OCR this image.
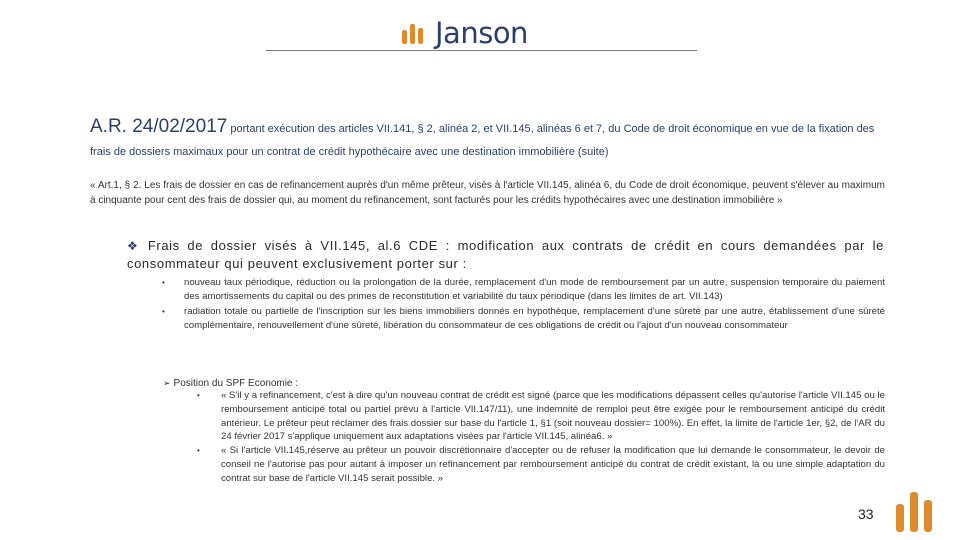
Janson
A.R. 24/02/2017 portant exécution des articles VII.141, § 2, alinéa 2, et VII.145, alinéas 6 et 7, du Code de droit économique en vue de la fixation des frais de dossiers maximaux pour un contrat de crédit hypothécaire avec une destination immobilière (suite)
« Art.1, § 2. Les frais de dossier en cas de refinancement auprès d'un même prêteur, visés à l'article VII.145, alinéa 6, du Code de droit économique, peuvent s'élever au maximum à cinquante pour cent des frais de dossier qui, au moment du refinancement, sont facturés pour les crédits hypothécaires avec une destination immobilière »
❖ Frais de dossier visés à VII.145, al.6 CDE : modification aux contrats de crédit en cours demandées par le consommateur qui peuvent exclusivement porter sur :
•	nouveau taux périodique, réduction ou la prolongation de la durée, remplacement d'un mode de remboursement par un autre, suspension temporaire du paiement des amortissements du capital ou des primes de reconstitution et variabilité du taux périodique (dans les limites de art. VII.143)
•	radiation totale ou partielle de l'inscription sur les biens immobiliers donnés en hypothèque, remplacement d'une sûreté par une autre, établissement d'une sûreté complémentaire, renouvellement d'une sûreté, libération du consommateur de ces obligations de crédit ou l'ajout d'un nouveau consommateur
➢ Position du SPF Economie :
•	« S'il y a refinancement, c'est à dire qu'un nouveau contrat de crédit est signé (parce que les modifications dépassent celles qu'autorise l'article VII.145 ou le remboursement anticipé total ou partiel prévu à l'article VII.147/11), une indemnité de remploi peut être exigée pour le remboursement anticipé du crédit antérieur. Le prêteur peut réclamer des frais dossier sur base du l'article 1, §1 (soit nouveau dossier= 100%). En effet, la limite de l'article 1er, §2, de l'AR du 24 février 2017 s'applique uniquement aux adaptations visées par l'article VII.145, alinéa6. »
•	« Si l'article VII.145,réserve au prêteur un pouvoir discrétionnaire d'accepter ou de refuser la modification que lui demande le consommateur, le devoir de conseil ne l'autorise pas pour autant à imposer un refinancement par remboursement anticipé du contrat de crédit existant, là ou une simple adaptation du contrat sur base de l'article VII.145 serait possible. »
33
